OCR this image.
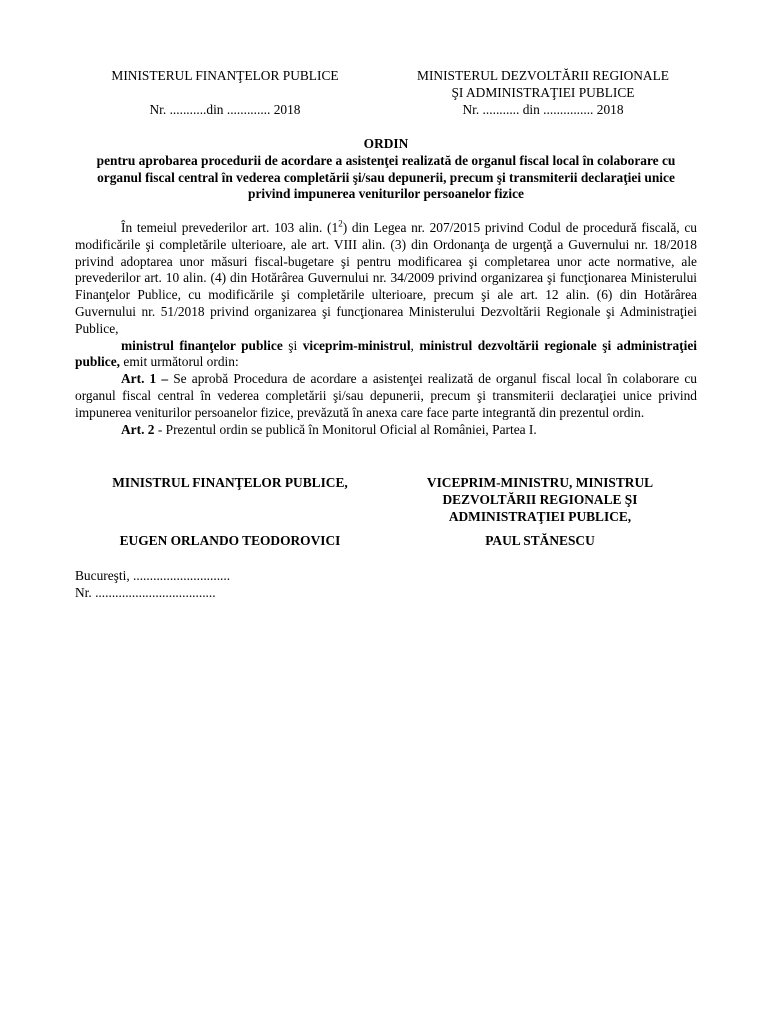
MINISTERUL FINANŢELOR PUBLICE
Nr. ...........din ............. 2018
MINISTERUL DEZVOLTĂRII REGIONALE
ŞI ADMINISTRAŢIEI PUBLICE
Nr. ........... din ............... 2018
ORDIN
pentru aprobarea procedurii de acordare a asistenţei realizată de organul fiscal local în colaborare cu organul fiscal central în vederea completării şi/sau depunerii, precum şi transmiterii declaraţiei unice privind impunerea veniturilor persoanelor fizice

În temeiul prevederilor art. 103 alin. $(1^2)$ din Legea nr. 207/2015 privind Codul de procedură fiscală, cu modificările şi completările ulterioare, ale art. VIII alin. (3) din Ordonanţa de urgenţă a Guvernului nr. 18/2018 privind adoptarea unor măsuri fiscal-bugetare şi pentru modificarea şi completarea unor acte normative, ale prevederilor art. 10 alin. (4) din Hotărârea Guvernului nr. 34/2009 privind organizarea şi funcţionarea Ministerului Finanţelor Publice, cu modificările şi completările ulterioare, precum şi ale art. 12 alin. (6) din Hotărârea Guvernului nr. 51/2018 privind organizarea şi funcţionarea Ministerului Dezvoltării Regionale şi Administraţiei Publice,

ministrul finanţelor publice şi viceprim-ministrul, ministrul dezvoltării regionale şi administraţiei publice, emit următorul ordin:

Art. 1 – Se aprobă Procedura de acordare a asistenţei realizată de organul fiscal local în colaborare cu organul fiscal central în vederea completării şi/sau depunerii, precum şi transmiterii declaraţiei unice privind impunerea veniturilor persoanelor fizice, prevăzută în anexa care face parte integrantă din prezentul ordin.

Art. 2 - Prezentul ordin se publică în Monitorul Oficial al României, Partea I.

MINISTRUL FINANŢELOR PUBLICE,	VICEPRIM-MINISTRU, MINISTRUL
DEZVOLTĂRII REGIONALE ŞI
ADMINISTRAŢIEI PUBLICE,
EUGEN ORLANDO TEODOROVICI	PAUL STĂNESCU
Bucureşti, .............................
Nr. ....................................
